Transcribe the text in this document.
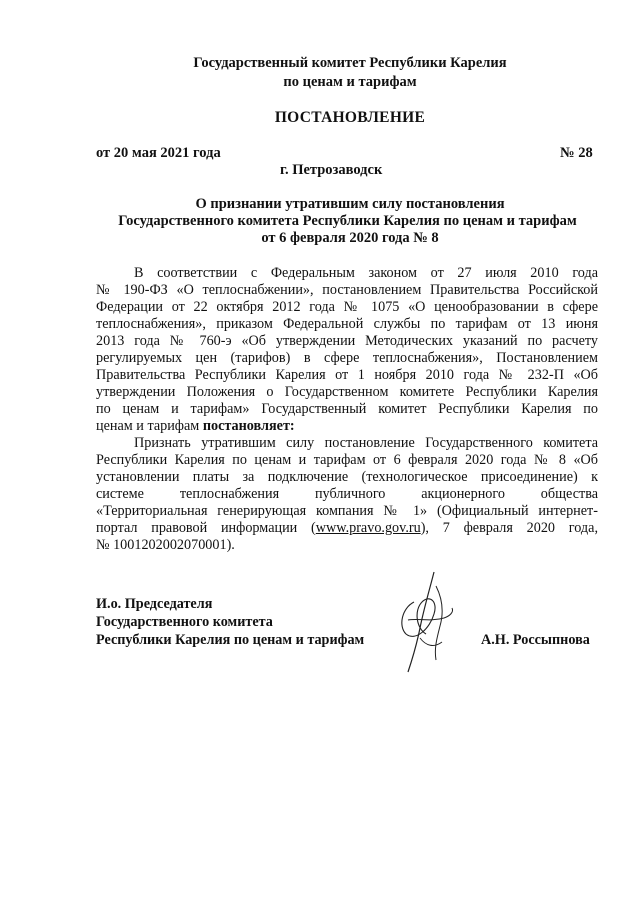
Государственный комитет Республики Карелия
по ценам и тарифам
ПОСТАНОВЛЕНИЕ
от 20 мая 2021 года	№ 28
г. Петрозаводск
О признании утратившим силу постановления
Государственного комитета Республики Карелия по ценам и тарифам
от 6 февраля 2020 года № 8
В соответствии с Федеральным законом от 27 июля 2010 года
№ 190-ФЗ «О теплоснабжении», постановлением Правительства Российской
Федерации от 22 октября 2012 года № 1075 «О ценообразовании в сфере
теплоснабжения», приказом Федеральной службы по тарифам от 13 июня
2013 года № 760-э «Об утверждении Методических указаний по расчету
регулируемых цен (тарифов) в сфере теплоснабжения», Постановлением
Правительства Республики Карелия от 1 ноября 2010 года № 232-П «Об
утверждении Положения о Государственном комитете Республики Карелия
по ценам и тарифам» Государственный комитет Республики Карелия по
ценам и тарифам постановляет:
Признать утратившим силу постановление Государственного комитета
Республики Карелия по ценам и тарифам от 6 февраля 2020 года № 8 «Об
установлении платы за подключение (технологическое присоединение) к
системе теплоснабжения публичного акционерного общества
«Территориальная генерирующая компания № 1» (Официальный интернет-
портал правовой информации (www.pravo.gov.ru), 7 февраля 2020 года,
№ 1001202002070001).
И.о. Председателя
Государственного комитета
Республики Карелия по ценам и тарифам	А.Н. Россыпнова
